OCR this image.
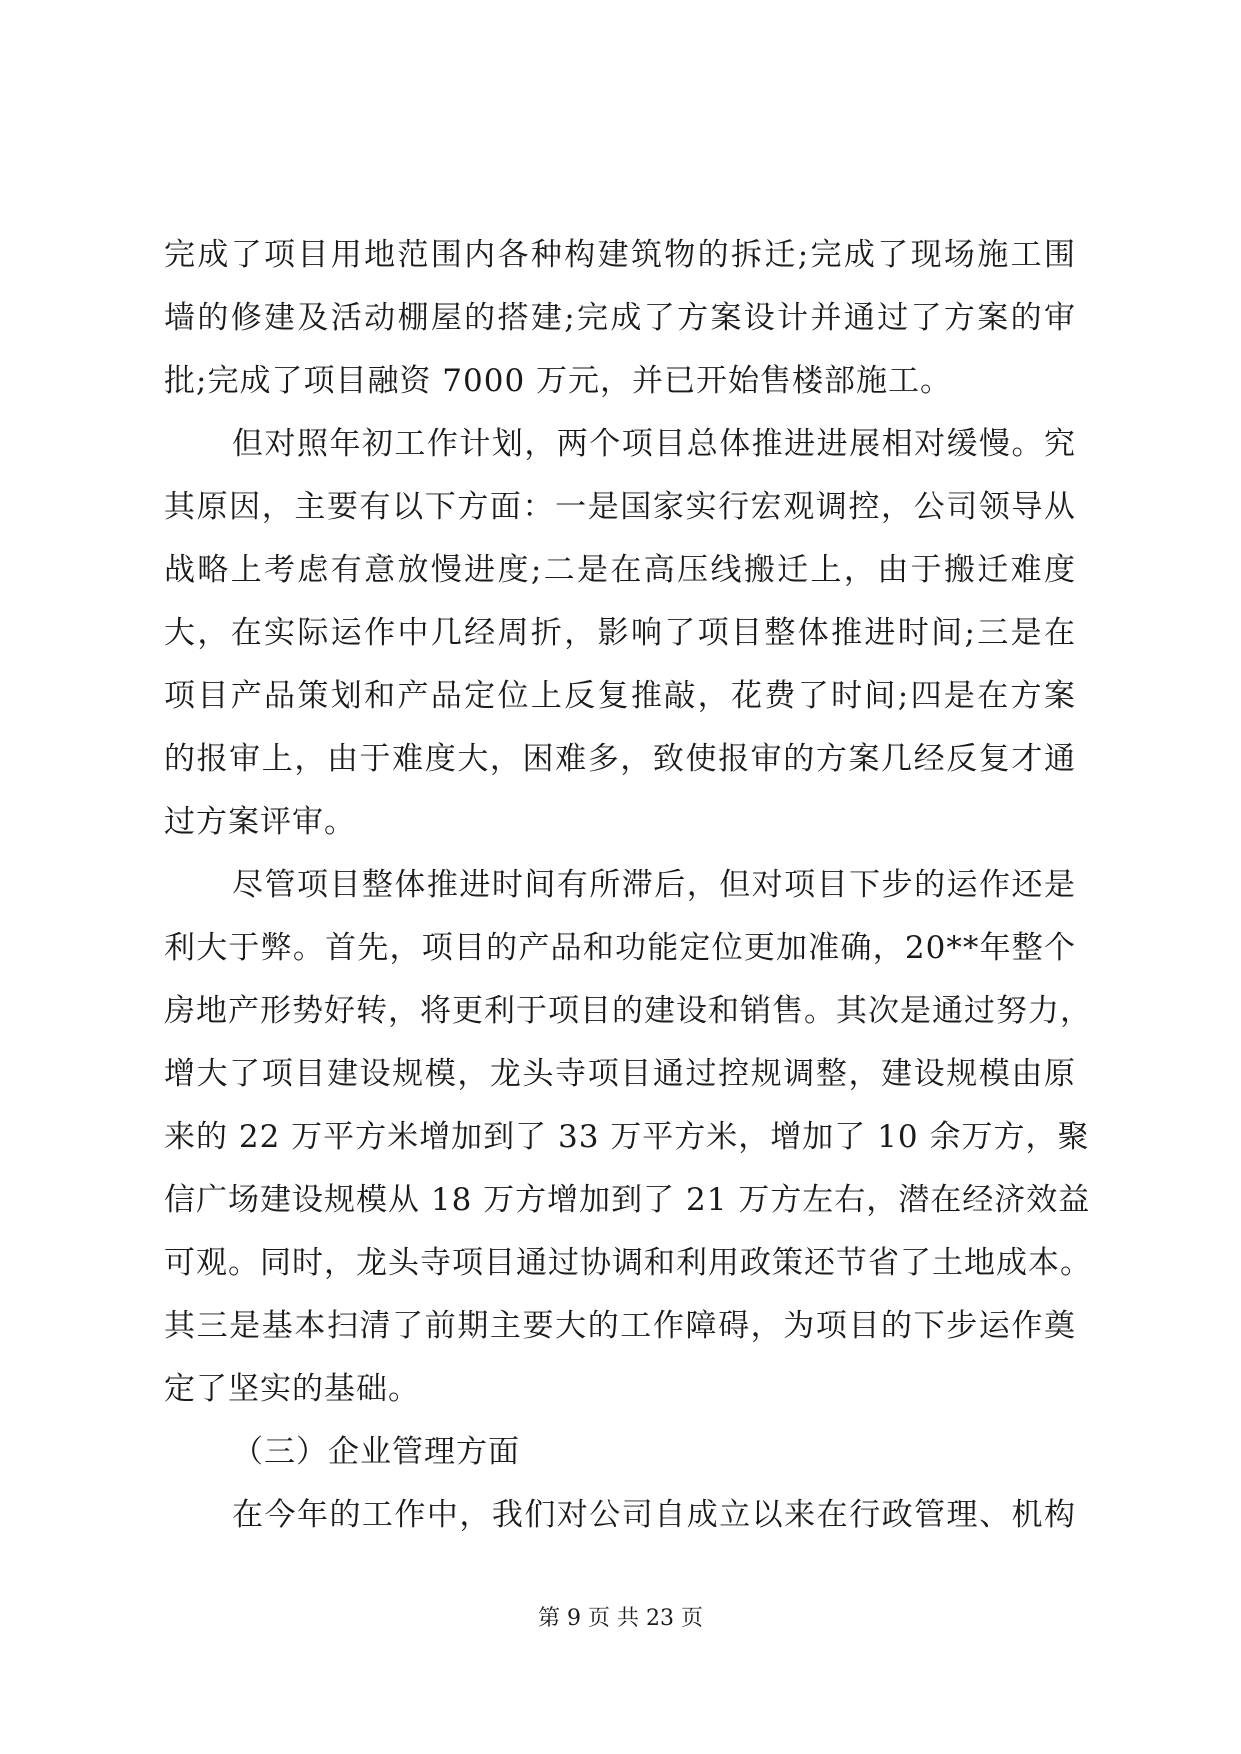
完成了项目用地范围内各种构建筑物的拆迁;完成了现场施工围
墙的修建及活动棚屋的搭建;完成了方案设计并通过了方案的审
批;完成了项目融资 7000 万元，并已开始售楼部施工。
但对照年初工作计划，两个项目总体推进进展相对缓慢。究
其原因，主要有以下方面：一是国家实行宏观调控，公司领导从
战略上考虑有意放慢进度;二是在高压线搬迁上，由于搬迁难度
大，在实际运作中几经周折，影响了项目整体推进时间;三是在
项目产品策划和产品定位上反复推敲，花费了时间;四是在方案
的报审上，由于难度大，困难多，致使报审的方案几经反复才通
过方案评审。
尽管项目整体推进时间有所滞后，但对项目下步的运作还是
利大于弊。首先，项目的产品和功能定位更加准确，20**年整个
房地产形势好转，将更利于项目的建设和销售。其次是通过努力，
增大了项目建设规模，龙头寺项目通过控规调整，建设规模由原
来的 22 万平方米增加到了 33 万平方米，增加了 10 余万方，聚
信广场建设规模从 18 万方增加到了 21 万方左右，潜在经济效益
可观。同时，龙头寺项目通过协调和利用政策还节省了土地成本。
其三是基本扫清了前期主要大的工作障碍，为项目的下步运作奠
定了坚实的基础。
（三）企业管理方面
在今年的工作中，我们对公司自成立以来在行政管理、机构
第 9 页 共 23 页
